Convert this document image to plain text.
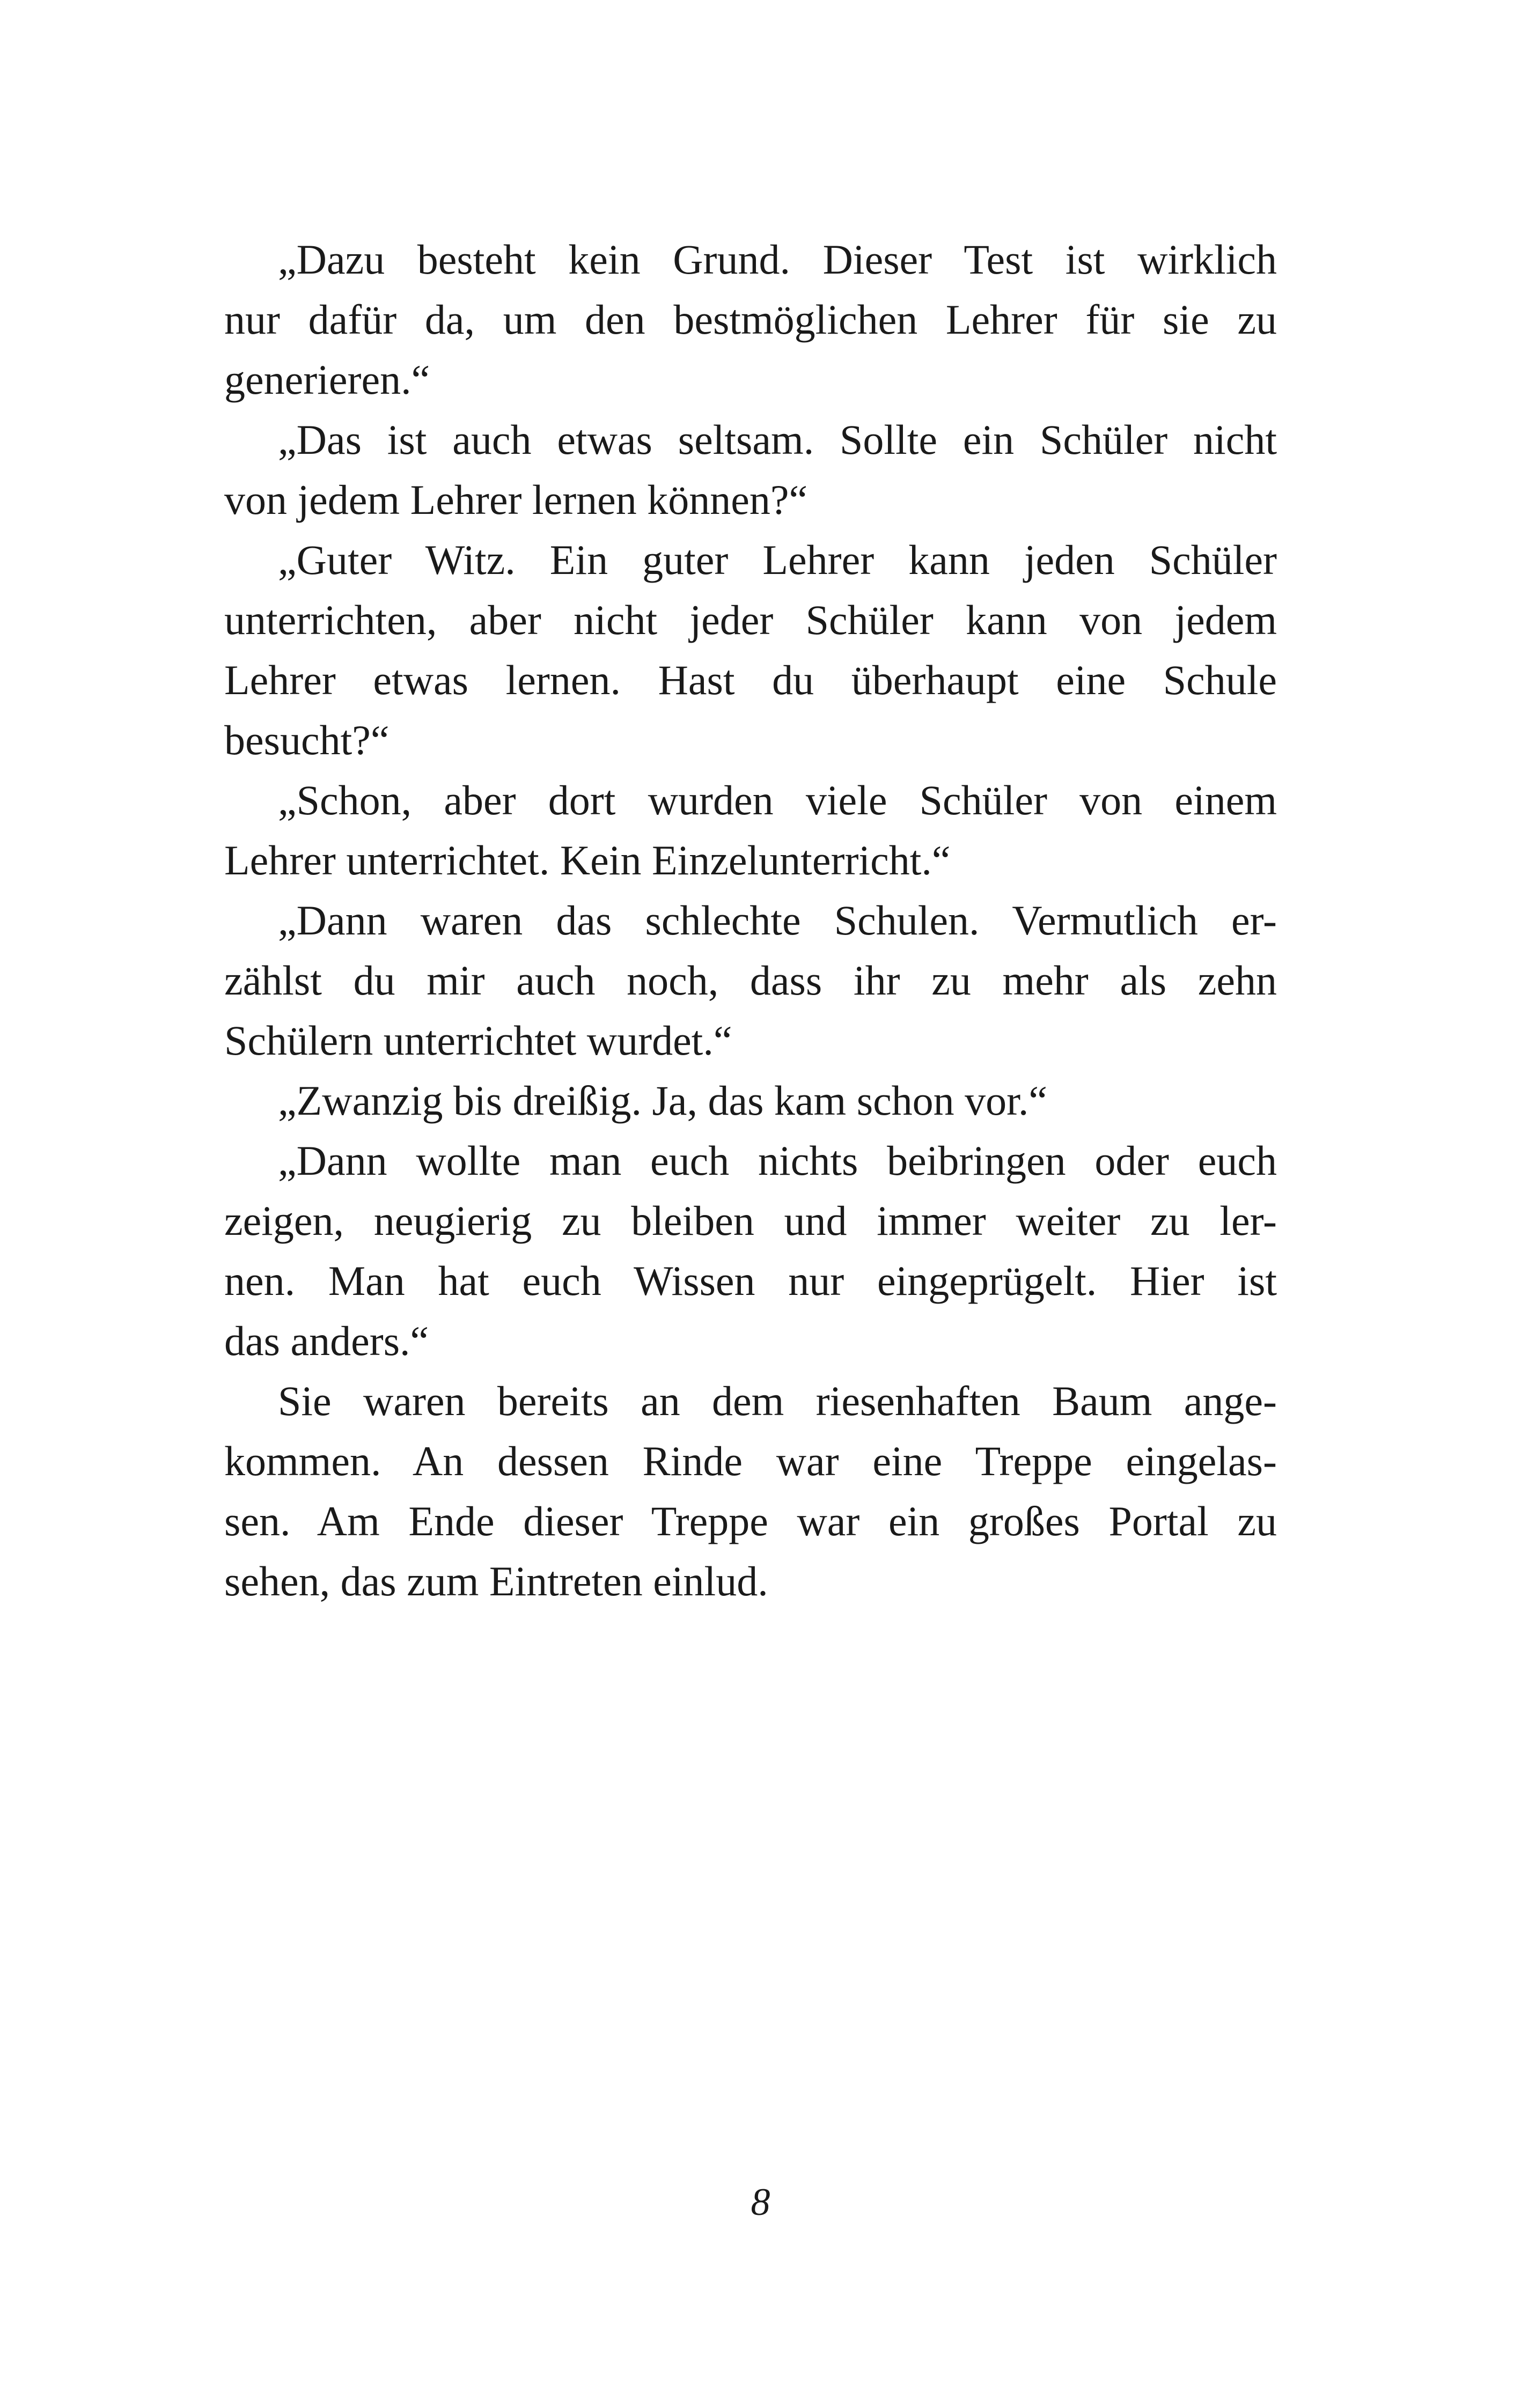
„Dazu besteht kein Grund. Dieser Test ist wirklich
nur dafür da, um den bestmöglichen Lehrer für sie zu
generieren.“
„Das ist auch etwas seltsam. Sollte ein Schüler nicht
von jedem Lehrer lernen können?“
„Guter Witz. Ein guter Lehrer kann jeden Schüler
unterrichten, aber nicht jeder Schüler kann von jedem
Lehrer etwas lernen. Hast du überhaupt eine Schule
besucht?“
„Schon, aber dort wurden viele Schüler von einem
Lehrer unterrichtet. Kein Einzelunterricht.“
„Dann waren das schlechte Schulen. Vermutlich er-
zählst du mir auch noch, dass ihr zu mehr als zehn
Schülern unterrichtet wurdet.“
„Zwanzig bis dreißig. Ja, das kam schon vor.“
„Dann wollte man euch nichts beibringen oder euch
zeigen, neugierig zu bleiben und immer weiter zu ler-
nen. Man hat euch Wissen nur eingeprügelt. Hier ist
das anders.“
Sie waren bereits an dem riesenhaften Baum ange-
kommen. An dessen Rinde war eine Treppe eingelas-
sen. Am Ende dieser Treppe war ein großes Portal zu
sehen, das zum Eintreten einlud.
8
